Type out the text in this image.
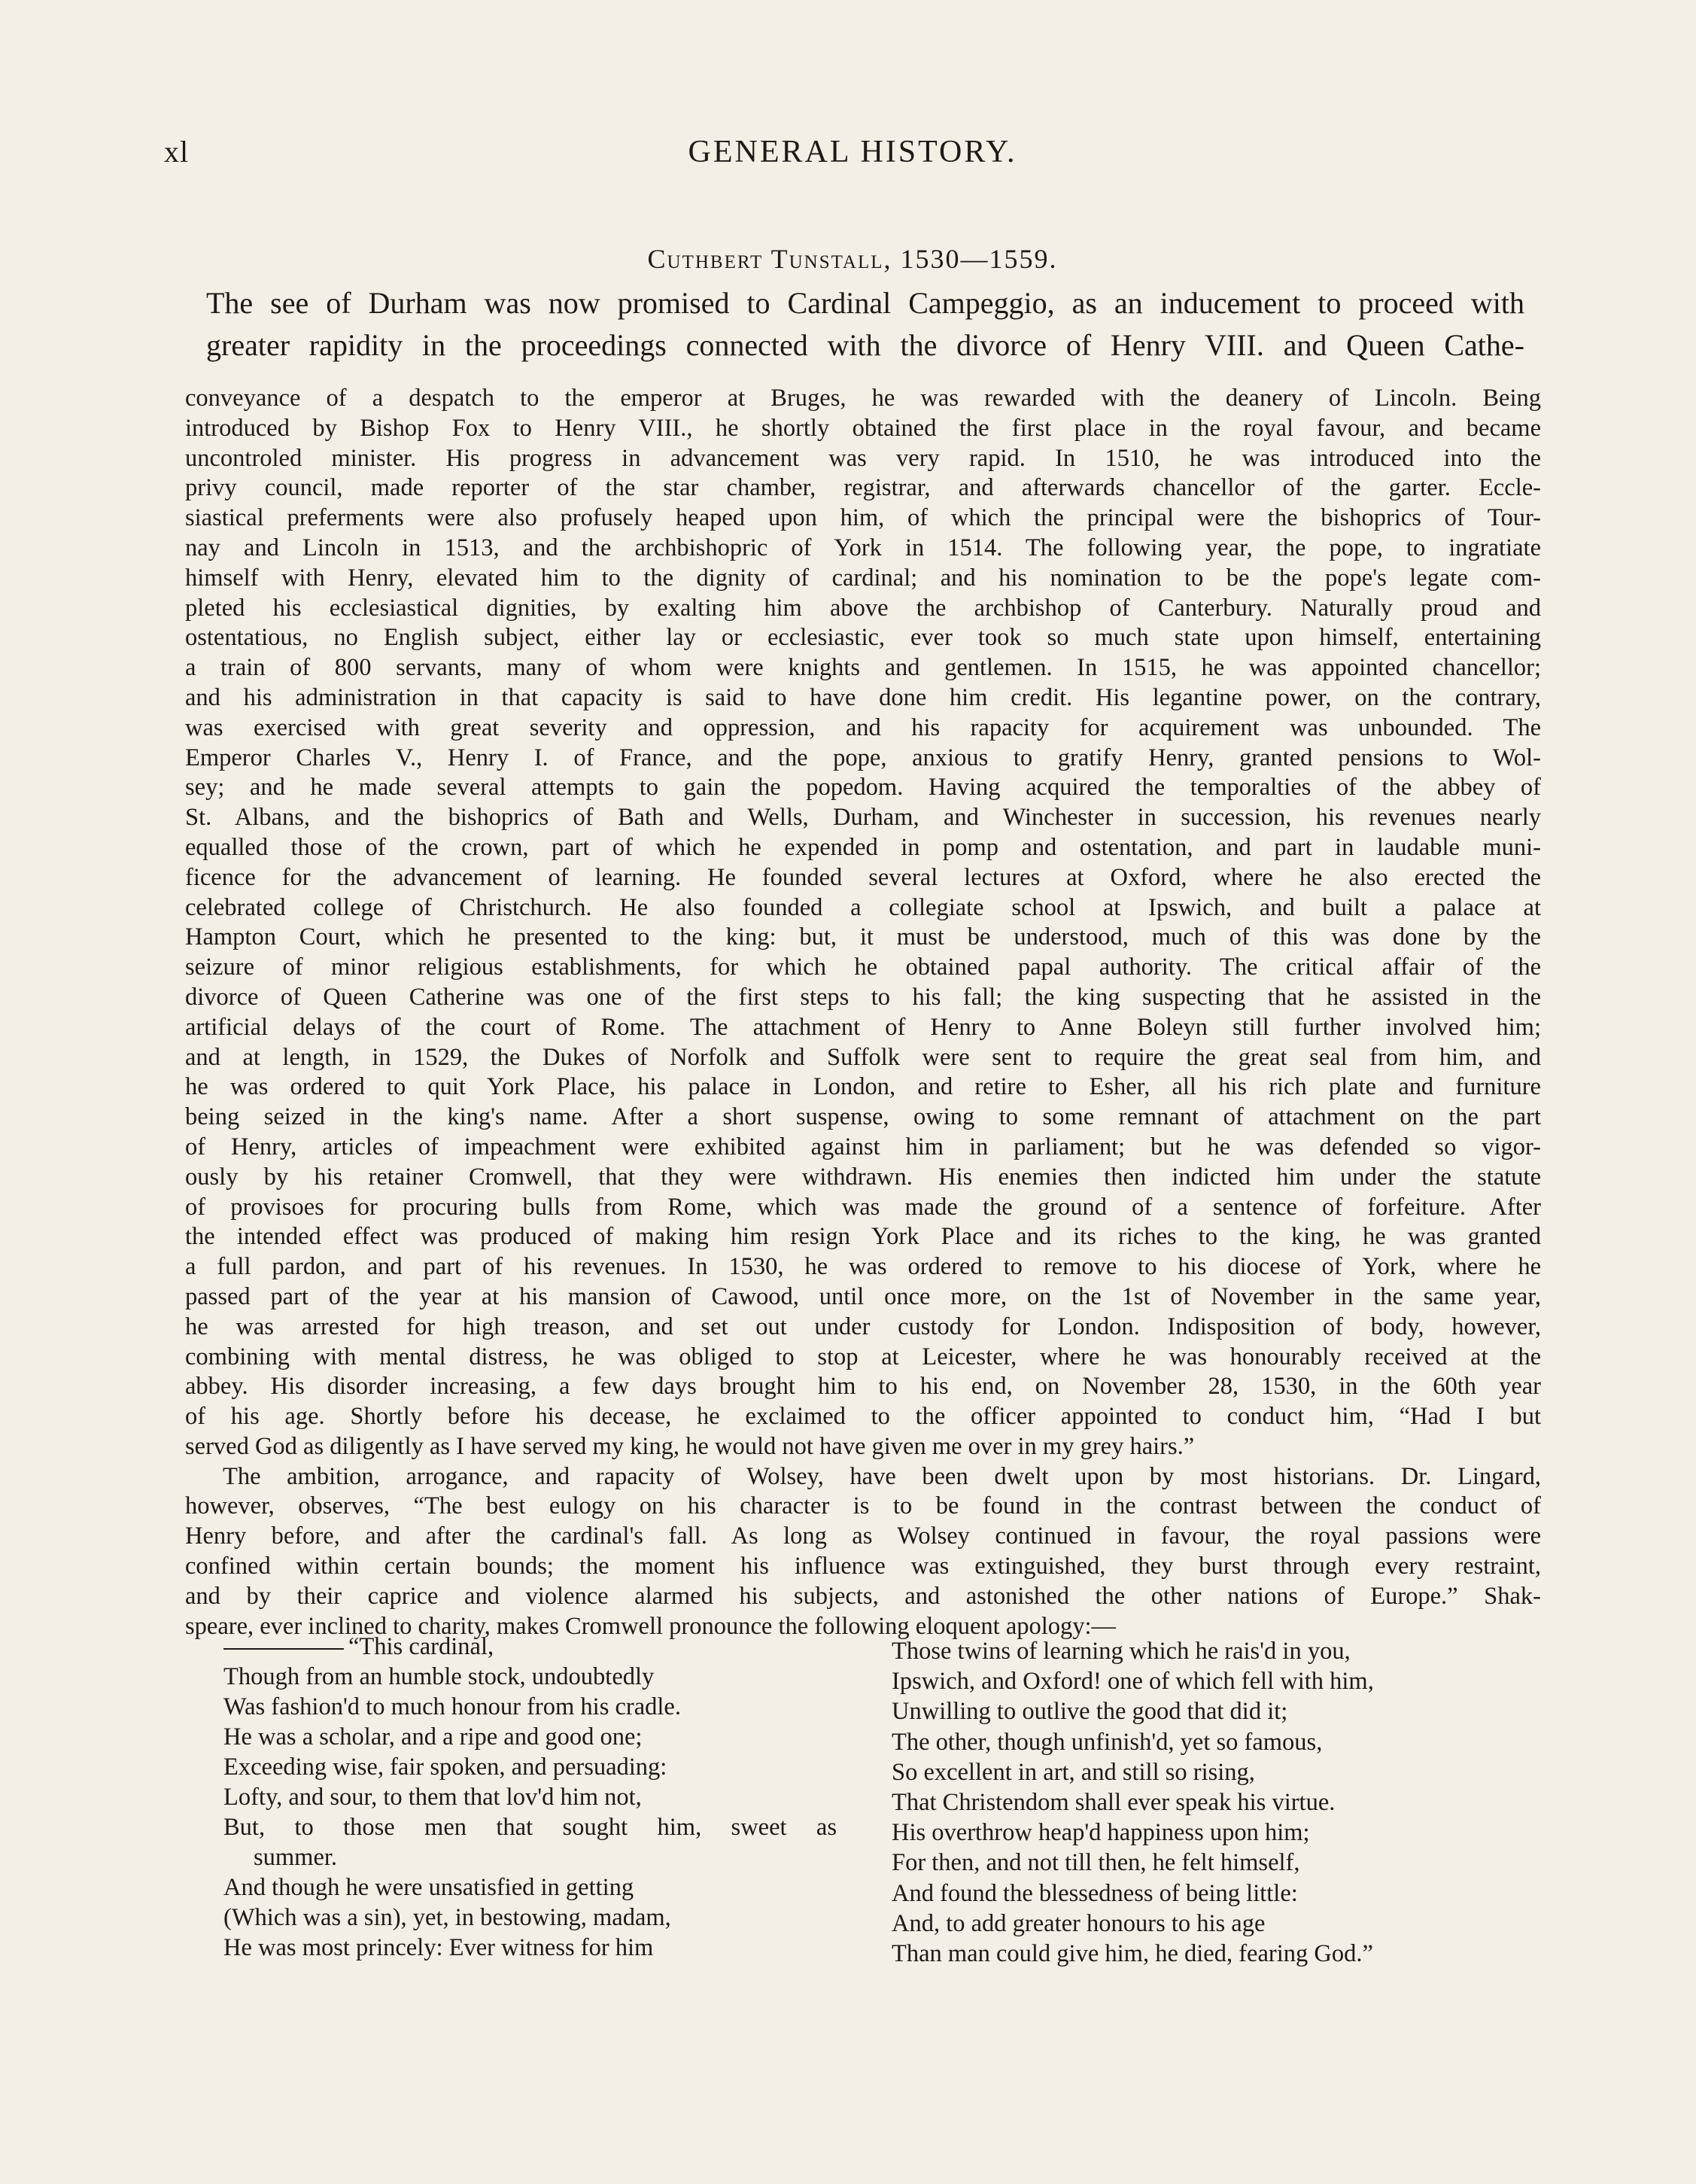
xl	GENERAL HISTORY.
Cuthbert Tunstall, 1530—1559.
The see of Durham was now promised to Cardinal Campeggio, as an inducement to proceed with
greater rapidity in the proceedings connected with the divorce of Henry VIII. and Queen Cathe-
conveyance of a despatch to the emperor at Bruges, he was rewarded with the deanery of Lincoln. Being
introduced by Bishop Fox to Henry VIII., he shortly obtained the first place in the royal favour, and became
uncontroled minister. His progress in advancement was very rapid. In 1510, he was introduced into the
privy council, made reporter of the star chamber, registrar, and afterwards chancellor of the garter. Eccle-
siastical preferments were also profusely heaped upon him, of which the principal were the bishoprics of Tour-
nay and Lincoln in 1513, and the archbishopric of York in 1514. The following year, the pope, to ingratiate
himself with Henry, elevated him to the dignity of cardinal; and his nomination to be the pope's legate com-
pleted his ecclesiastical dignities, by exalting him above the archbishop of Canterbury. Naturally proud and
ostentatious, no English subject, either lay or ecclesiastic, ever took so much state upon himself, entertaining
a train of 800 servants, many of whom were knights and gentlemen. In 1515, he was appointed chancellor;
and his administration in that capacity is said to have done him credit. His legantine power, on the contrary,
was exercised with great severity and oppression, and his rapacity for acquirement was unbounded. The
Emperor Charles V., Henry I. of France, and the pope, anxious to gratify Henry, granted pensions to Wol-
sey; and he made several attempts to gain the popedom. Having acquired the temporalties of the abbey of
St. Albans, and the bishoprics of Bath and Wells, Durham, and Winchester in succession, his revenues nearly
equalled those of the crown, part of which he expended in pomp and ostentation, and part in laudable muni-
ficence for the advancement of learning. He founded several lectures at Oxford, where he also erected the
celebrated college of Christchurch. He also founded a collegiate school at Ipswich, and built a palace at
Hampton Court, which he presented to the king: but, it must be understood, much of this was done by the
seizure of minor religious establishments, for which he obtained papal authority. The critical affair of the
divorce of Queen Catherine was one of the first steps to his fall; the king suspecting that he assisted in the
artificial delays of the court of Rome. The attachment of Henry to Anne Boleyn still further involved him;
and at length, in 1529, the Dukes of Norfolk and Suffolk were sent to require the great seal from him, and
he was ordered to quit York Place, his palace in London, and retire to Esher, all his rich plate and furniture
being seized in the king's name. After a short suspense, owing to some remnant of attachment on the part
of Henry, articles of impeachment were exhibited against him in parliament; but he was defended so vigor-
ously by his retainer Cromwell, that they were withdrawn. His enemies then indicted him under the statute
of provisoes for procuring bulls from Rome, which was made the ground of a sentence of forfeiture. After
the intended effect was produced of making him resign York Place and its riches to the king, he was granted
a full pardon, and part of his revenues. In 1530, he was ordered to remove to his diocese of York, where he
passed part of the year at his mansion of Cawood, until once more, on the 1st of November in the same year,
he was arrested for high treason, and set out under custody for London. Indisposition of body, however,
combining with mental distress, he was obliged to stop at Leicester, where he was honourably received at the
abbey. His disorder increasing, a few days brought him to his end, on November 28, 1530, in the 60th year
of his age. Shortly before his decease, he exclaimed to the officer appointed to conduct him, “Had I but
served God as diligently as I have served my king, he would not have given me over in my grey hairs.”
The ambition, arrogance, and rapacity of Wolsey, have been dwelt upon by most historians. Dr. Lingard,
however, observes, “The best eulogy on his character is to be found in the contrast between the conduct of
Henry before, and after the cardinal's fall. As long as Wolsey continued in favour, the royal passions were
confined within certain bounds; the moment his influence was extinguished, they burst through every restraint,
and by their caprice and violence alarmed his subjects, and astonished the other nations of Europe.” Shak-
speare, ever inclined to charity, makes Cromwell pronounce the following eloquent apology:—
“This cardinal,
Though from an humble stock, undoubtedly
Was fashion'd to much honour from his cradle.
He was a scholar, and a ripe and good one;
Exceeding wise, fair spoken, and persuading:
Lofty, and sour, to them that lov'd him not,
But, to those men that sought him, sweet as
summer.
And though he were unsatisfied in getting
(Which was a sin), yet, in bestowing, madam,
He was most princely: Ever witness for him
Those twins of learning which he rais'd in you,
Ipswich, and Oxford! one of which fell with him,
Unwilling to outlive the good that did it;
The other, though unfinish'd, yet so famous,
So excellent in art, and still so rising,
That Christendom shall ever speak his virtue.
His overthrow heap'd happiness upon him;
For then, and not till then, he felt himself,
And found the blessedness of being little:
And, to add greater honours to his age
Than man could give him, he died, fearing God.”
